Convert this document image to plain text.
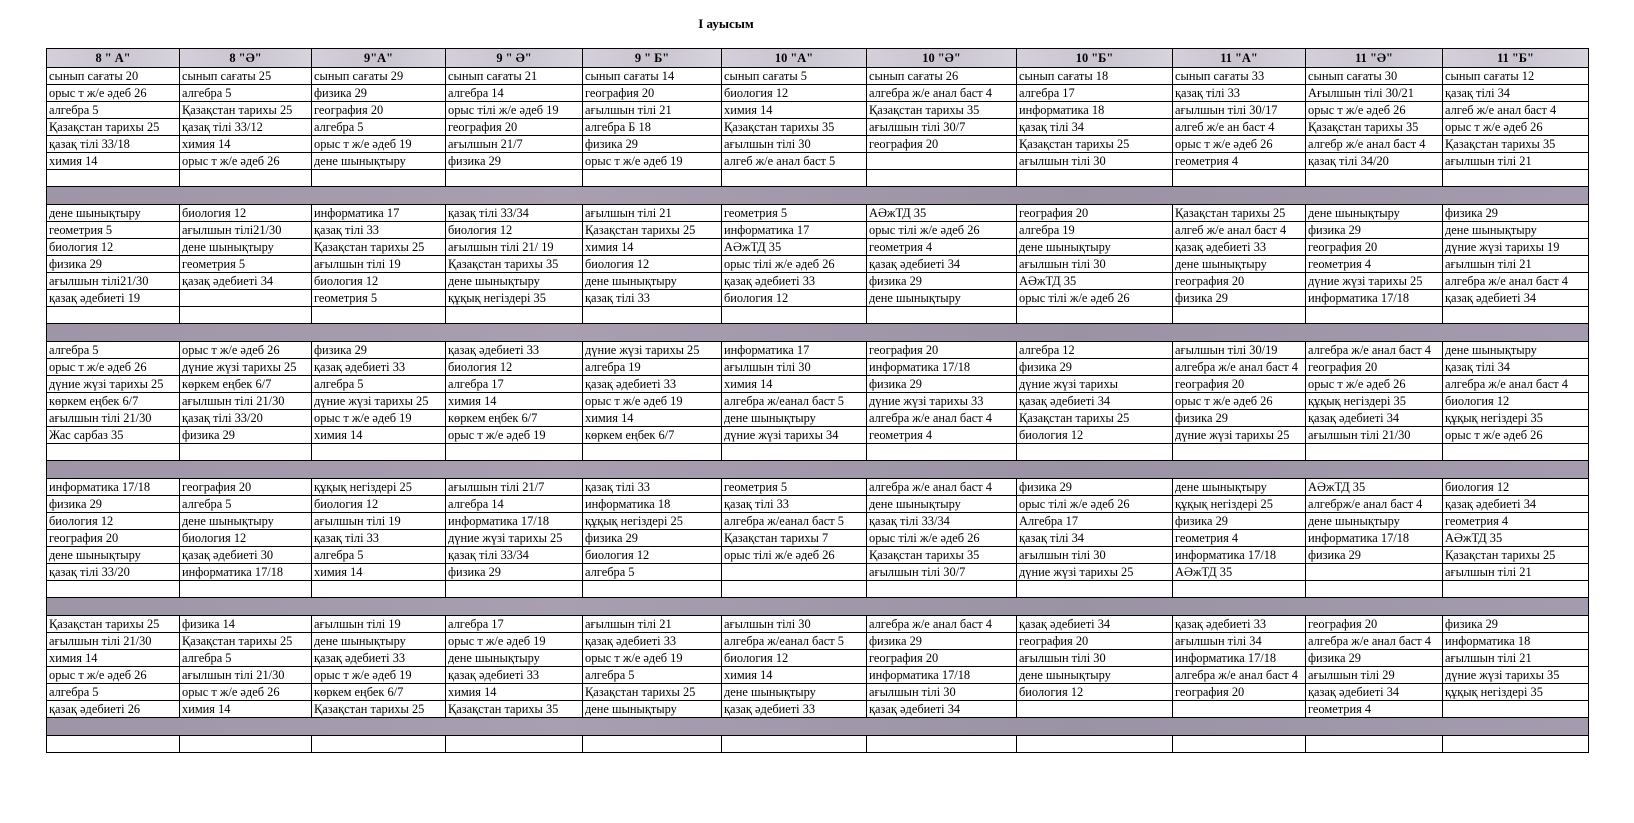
I ауысым
8 " А"	8 "Ә"	9"А"	9 " Ә"	9 " Б"	10 "А"	10 "Ә"	10 "Б"	11 "А"	11 "Ә"	11 "Б"
сынып сағаты 20	сынып сағаты 25	сынып сағаты 29	сынып сағаты 21	сынып сағаты 14	сынып сағаты 5	сынып сағаты 26	сынып сағаты 18	сынып сағаты 33	сынып сағаты 30	сынып сағаты 12
орыс т ж/е әдеб 26	алгебра 5	физика 29	алгебра 14	география 20	биология 12	алгебра ж/е анал бaст 4	алгебра 17	қазақ тілі 33	Ағылшын тілі 30/21	қазақ тілі 34
алгебра 5	Қазақстан тарихы 25	география 20	орыс тілі ж/е әдеб 19	ағылшын тілі 21	химия 14	Қазақстан тарихы 35	информатика 18	ағылшын тілі 30/17	орыс т ж/е әдеб 26	алгеб ж/е анал бaст 4
Қазақстан тарихы 25	қазақ тілі 33/12	алгебра 5	география 20	алгебра Б 18	Қазақстан тарихы 35	ағылшын тілі 30/7	қазақ тілі 34	алгеб ж/е ан бaст 4	Қазақстан тарихы 35	орыс т ж/е әдеб 26
қазақ тілі 33/18	химия 14	орыс т ж/е әдеб 19	ағылшын 21/7	физика 29	ағылшын тілі 30	география 20	Қазақстан тарихы 25	орыс т ж/е әдеб 26	алгебр ж/е анал бaст 4	Қазақстан тарихы 35
химия 14	орыс т ж/е әдеб 26	дене шынықтыру	физика 29	орыс т ж/е әдеб 19	алгеб ж/е анал бaст 5		ағылшын тілі 30	геометрия 4	қазақ тілі 34/20	ағылшын тілі 21

дене шынықтыру	биология 12	информатика 17	қазақ тілі 33/34	ағылшын тілі 21	геометрия 5	АӘжТД 35	география 20	Қазақстан тарихы 25	дене шынықтыру	физика 29
геометрия 5	ағылшын тілі21/30	қазақ тілі 33	биология 12	Қазақстан тарихы 25	информатика 17	орыс тілі ж/е әдеб 26	алгебра 19	алгеб ж/е анал бaст 4	физика 29	дене шынықтыру
биология 12	дене шынықтыру	Қазақстан тарихы 25	ағылшын тілі 21/ 19	химия 14	АӘжТД 35	геометрия 4	дене шынықтыру	қазақ әдебиеті 33	география 20	дүние жүзі тарихы 19
физика 29	геометрия 5	ағылшын тілі 19	Қазақстан тарихы 35	биология 12	орыс тілі ж/е әдеб 26	қазақ әдебиеті 34	ағылшын тілі 30	дене шынықтыру	геометрия 4	ағылшын тілі 21
ағылшын тілі21/30	қазақ әдебиеті 34	биология 12	дене шынықтыру	дене шынықтыру	қазақ әдебиеті 33	физика 29	АӘжТД 35	география 20	дүние жүзі тарихы 25	алгебра ж/е анал бaст 4
қазақ әдебиеті 19		геометрия 5	құқық негіздері 35	қазақ тілі 33	биология 12	дене шынықтыру	орыс тілі ж/е әдеб 26	физика 29	информатика 17/18	қазақ әдебиеті 34

алгебра 5	орыс т ж/е әдеб 26	физика 29	қазақ әдебиеті 33	дүние жүзі тарихы 25	информатика 17	география 20	алгебра 12	ағылшын тілі 30/19	алгебра ж/е анал бaст 4	дене шынықтыру
орыс т ж/е әдеб 26	дүние жүзі тарихы 25	қазақ әдебиеті 33	биология 12	алгебра 19	ағылшын тілі 30	информатика 17/18	физика 29	алгебра ж/е анал бaст 4	география 20	қазақ тілі 34
дүние жүзі тарихы 25	көркем еңбек 6/7	алгебра 5	алгебра 17	қазақ әдебиеті 33	химия 14	физика 29	дүние жүзі тарихы	география 20	орыс т ж/е әдеб 26	алгебра ж/е анал бaст 4
көркем еңбек 6/7	ағылшын тілі 21/30	дүние жүзі тарихы 25	химия 14	орыс т ж/е әдеб 19	алгебра ж/еанал бaст 5	дүние жүзі тарихы 33	қазақ әдебиеті 34	орыс т ж/е әдеб 26	құқық негіздері 35	биология 12
ағылшын тілі 21/30	қазақ тілі 33/20	орыс т ж/е әдеб 19	көркем еңбек 6/7	химия 14	дене шынықтыру	алгебра ж/е анал бaст 4	Қазақстан тарихы 25	физика 29	қазақ әдебиеті 34	құқық негіздері 35
Жас сарбаз 35	физика 29	химия 14	орыс т ж/е әдеб 19	көркем еңбек 6/7	дүние жүзі тарихы 34	геометрия 4	биология 12	дүние жүзі тарихы 25	ағылшын тілі 21/30	орыс т ж/е әдеб 26

информатика 17/18	география 20	құқық негіздері 25	ағылшын тілі 21/7	қазақ тілі 33	геометрия 5	алгебра ж/е анал бaст 4	физика 29	дене шынықтыру	АӘжТД 35	биология 12
физика 29	алгебра 5	биология 12	алгебра 14	информатика 18	қазақ тілі 33	дене шынықтыру	орыс тілі ж/е әдеб 26	құқық негіздері 25	алгебрж/е анал бaст 4	қазақ әдебиеті 34
биология 12	дене шынықтыру	ағылшын тілі 19	информатика 17/18	құқық негіздері 25	алгебра ж/еанал бaст 5	қазақ тілі 33/34	Алгебра 17	физика 29	дене шынықтыру	геометрия 4
география 20	биология 12	қазақ тілі 33	дүние жүзі тарихы 25	физика 29	Қазақстан тарихы 7	орыс тілі ж/е әдеб 26	қазақ тілі 34	геометрия 4	информатика 17/18	АӘжТД 35
дене шынықтыру	қазақ әдебиеті 30	алгебра 5	қазақ тілі 33/34	биология 12	орыс тілі ж/е әдеб 26	Қазақстан тарихы 35	ағылшын тілі 30	информатика 17/18	физика 29	Қазақстан тарихы 25
қазақ тілі 33/20	информатика 17/18	химия 14	физика 29	алгебра 5		ағылшын тілі 30/7	дүние жүзі тарихы 25	АӘжТД 35		ағылшын тілі 21

Қазақстан тарихы 25	физика 14	ағылшын тілі 19	алгебра 17	ағылшын тілі 21	ағылшын тілі 30	алгебра ж/е анал бaст 4	қазақ әдебиеті 34	қазақ әдебиеті 33	география 20	физика 29
ағылшын тілі 21/30	Қазақстан тарихы 25	дене шынықтыру	орыс т ж/е әдеб 19	қазақ әдебиеті 33	алгебра ж/еанал бaст 5	физика 29	география 20	ағылшын тілі 34	алгебра ж/е анал бaст 4	информатика 18
химия 14	алгебра 5	қазақ әдебиеті 33	дене шынықтыру	орыс т ж/е әдеб 19	биология 12	география 20	ағылшын тілі 30	информатика 17/18	физика 29	ағылшын тілі 21
орыс т ж/е әдеб 26	ағылшын тілі 21/30	орыс т ж/е әдеб 19	қазақ әдебиеті 33	алгебра 5	химия 14	информатика 17/18	дене шынықтыру	алгебра ж/е анал бaст 4	ағылшын тілі 29	дүние жүзі тарихы 35
алгебра 5	орыс т ж/е әдеб 26	көркем еңбек 6/7	химия 14	Қазақстан тарихы 25	дене шынықтыру	ағылшын тілі 30	биология 12	география 20	қазақ әдебиеті 34	құқық негіздері 35
қазақ әдебиеті 26	химия 14	Қазақстан тарихы 25	Қазақстан тарихы 35	дене шынықтыру	қазақ әдебиеті 33	қазақ әдебиеті 34			геометрия 4	
